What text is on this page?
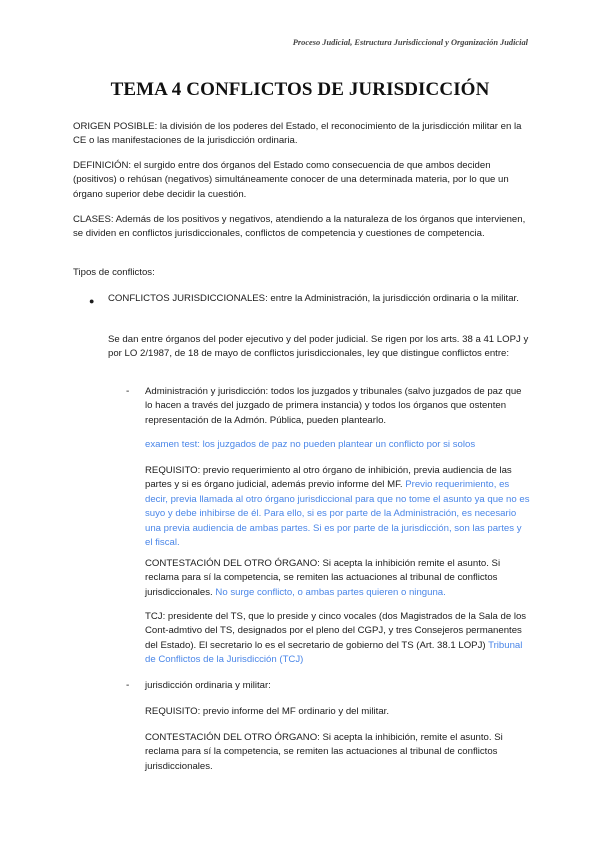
Proceso Judicial, Estructura Jurisdiccional y Organización Judicial
TEMA 4 CONFLICTOS DE JURISDICCIÓN

ORIGEN POSIBLE: la división de los poderes del Estado, el reconocimiento de la jurisdicción militar en la CE o las manifestaciones de la jurisdicción ordinaria.

DEFINICIÓN: el surgido entre dos órganos del Estado como consecuencia de que ambos deciden (positivos) o rehúsan (negativos) simultáneamente conocer de una determinada materia, por lo que un órgano superior debe decidir la cuestión.

CLASES: Además de los positivos y negativos, atendiendo a la naturaleza de los órganos que intervienen, se dividen en conflictos jurisdiccionales, conflictos de competencia y cuestiones de competencia.

Tipos de conflictos:

● CONFLICTOS JURISDICCIONALES: entre la Administración, la jurisdicción ordinaria o la militar.

Se dan entre órganos del poder ejecutivo y del poder judicial. Se rigen por los arts. 38 a 41 LOPJ y por LO 2/1987, de 18 de mayo de conflictos jurisdiccionales, ley que distingue conflictos entre:

- Administración y jurisdicción: todos los juzgados y tribunales (salvo juzgados de paz que lo hacen a través del juzgado de primera instancia) y todos los órganos que ostenten representación de la Admón. Pública, pueden plantearlo.

examen test: los juzgados de paz no pueden plantear un conflicto por si solos

REQUISITO: previo requerimiento al otro órgano de inhibición, previa audiencia de las partes y si es órgano judicial, además previo informe del MF. Previo requerimiento, es decir, previa llamada al otro órgano jurisdiccional para que no tome el asunto ya que no es suyo y debe inhibirse de él. Para ello, si es por parte de la Administración, es necesario una previa audiencia de ambas partes. Si es por parte de la jurisdicción, son las partes y el fiscal.

CONTESTACIÓN DEL OTRO ÓRGANO: Si acepta la inhibición remite el asunto. Si reclama para sí la competencia, se remiten las actuaciones al tribunal de conflictos jurisdiccionales. No surge conflicto, o ambas partes quieren o ninguna.

TCJ: presidente del TS, que lo preside y cinco vocales (dos Magistrados de la Sala de los Cont-admtivo del TS, designados por el pleno del CGPJ, y tres Consejeros permanentes del Estado). El secretario lo es el secretario de gobierno del TS (Art. 38.1 LOPJ) Tribunal de Conflictos de la Jurisdicción (TCJ)

- jurisdicción ordinaria y militar:

REQUISITO: previo informe del MF ordinario y del militar.

CONTESTACIÓN DEL OTRO ÓRGANO: Si acepta la inhibición, remite el asunto. Si reclama para sí la competencia, se remiten las actuaciones al tribunal de conflictos jurisdiccionales.
